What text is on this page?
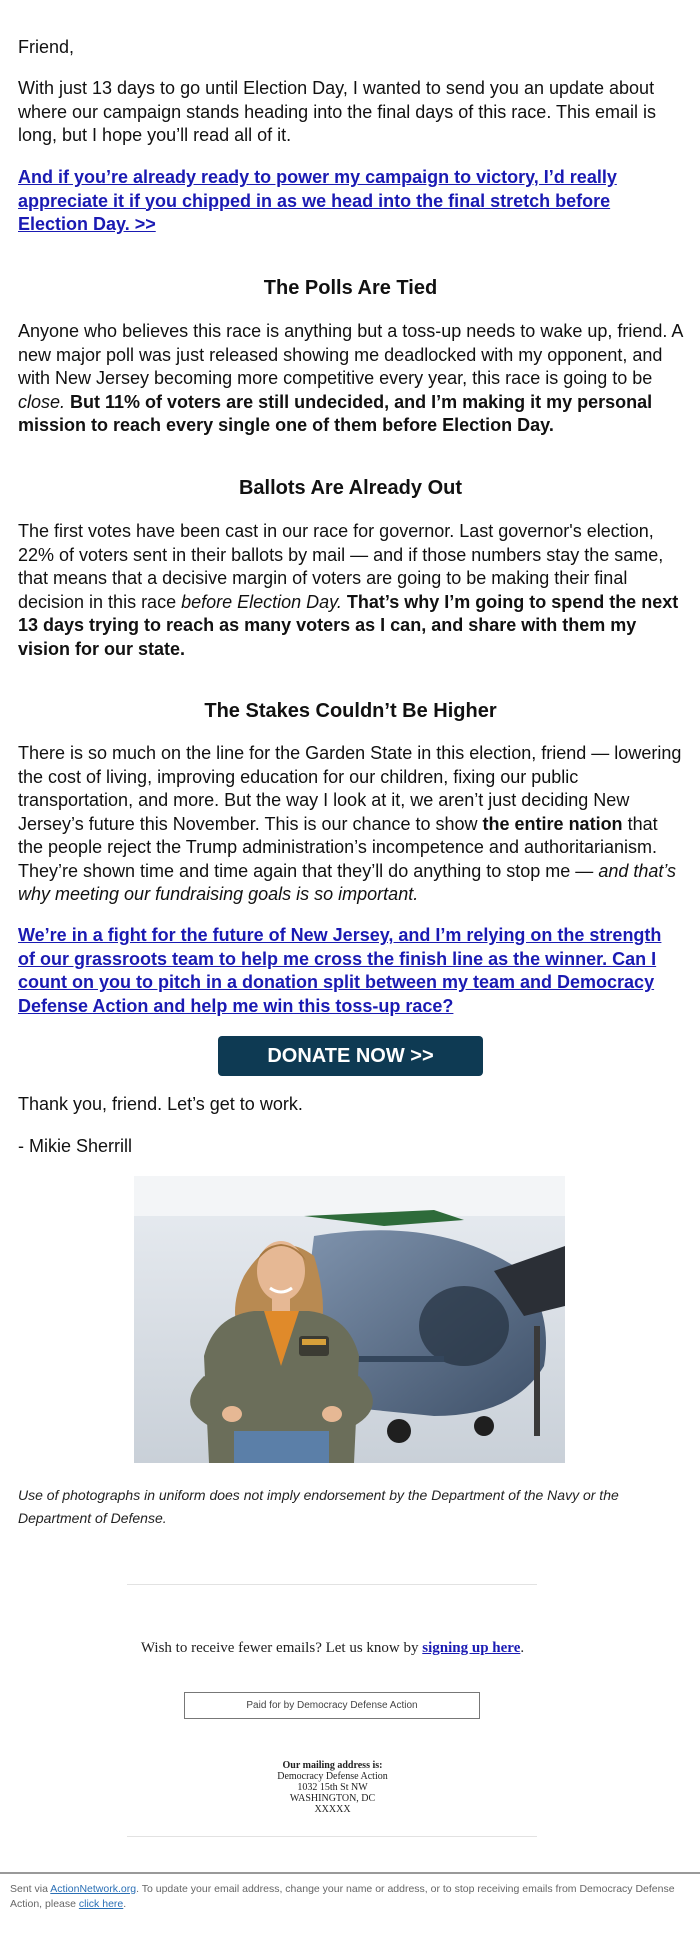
Friend,
With just 13 days to go until Election Day, I wanted to send you an update about where our campaign stands heading into the final days of this race. This email is long, but I hope you’ll read all of it.
And if you’re already ready to power my campaign to victory, I’d really appreciate it if you chipped in as we head into the final stretch before Election Day. >>
The Polls Are Tied
Anyone who believes this race is anything but a toss-up needs to wake up, friend. A new major poll was just released showing me deadlocked with my opponent, and with New Jersey becoming more competitive every year, this race is going to be close. But 11% of voters are still undecided, and I’m making it my personal mission to reach every single one of them before Election Day.
Ballots Are Already Out
The first votes have been cast in our race for governor. Last governor's election, 22% of voters sent in their ballots by mail — and if those numbers stay the same, that means that a decisive margin of voters are going to be making their final decision in this race before Election Day. That’s why I’m going to spend the next 13 days trying to reach as many voters as I can, and share with them my vision for our state.
The Stakes Couldn’t Be Higher
There is so much on the line for the Garden State in this election, friend — lowering the cost of living, improving education for our children, fixing our public transportation, and more. But the way I look at it, we aren’t just deciding New Jersey’s future this November. This is our chance to show the entire nation that the people reject the Trump administration’s incompetence and authoritarianism. They’re shown time and time again that they’ll do anything to stop me — and that’s why meeting our fundraising goals is so important.
We’re in a fight for the future of New Jersey, and I’m relying on the strength of our grassroots team to help me cross the finish line as the winner. Can I count on you to pitch in a donation split between my team and Democracy Defense Action and help me win this toss-up race?
DONATE NOW >>
Thank you, friend. Let’s get to work.
- Mikie Sherrill
Use of photographs in uniform does not imply endorsement by the Department of the Navy or the Department of Defense.
Wish to receive fewer emails? Let us know by signing up here.
Paid for by Democracy Defense Action
Our mailing address is:
Democracy Defense Action
1032 15th St NW
WASHINGTON, DC
XXXXX
Sent via ActionNetwork.org. To update your email address, change your name or address, or to stop receiving emails from Democracy Defense Action, please click here.
